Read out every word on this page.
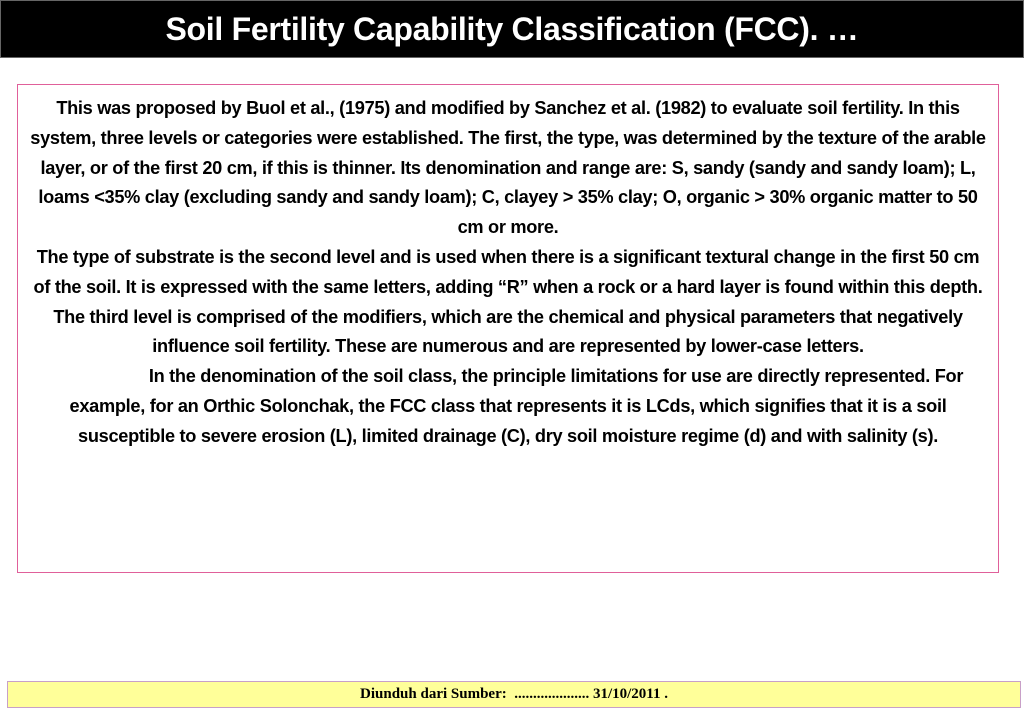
Soil Fertility Capability Classification (FCC). …

This was proposed by Buol et al., (1975) and modified by Sanchez et al. (1982) to evaluate soil fertility. In this system, three levels or categories were established. The first, the type, was determined by the texture of the arable layer, or of the first 20 cm, if this is thinner. Its denomination and range are: S, sandy (sandy and sandy loam); L, loams <35% clay (excluding sandy and sandy loam); C, clayey > 35% clay; O, organic > 30% organic matter to 50 cm or more.

The type of substrate is the second level and is used when there is a significant textural change in the first 50 cm of the soil. It is expressed with the same letters, adding “R” when a rock or a hard layer is found within this depth.

The third level is comprised of the modifiers, which are the chemical and physical parameters that negatively influence soil fertility. These are numerous and are represented by lower-case letters.

In the denomination of the soil class, the principle limitations for use are directly represented. For example, for an Orthic Solonchak, the FCC class that represents it is LCds, which signifies that it is a soil susceptible to severe erosion (L), limited drainage (C), dry soil moisture regime (d) and with salinity (s).

Diunduh dari Sumber:  .................... 31/10/2011 .
